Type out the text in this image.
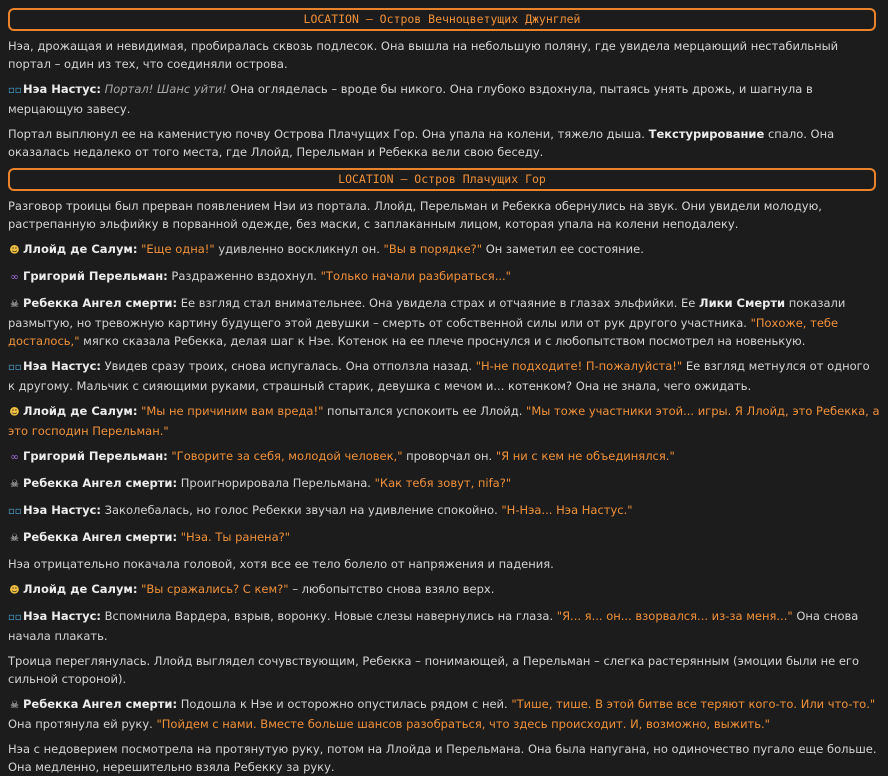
LOCATION – Остров Вечноцветущих Джунглей

Нэа, дрожащая и невидимая, пробиралась сквозь подлесок. Она вышла на небольшую поляну, где увидела мерцающий нестабильный портал – один из тех, что соединяли острова.

▫▫Нэа Настус: Портал! Шанс уйти! Она огляделась – вроде бы никого. Она глубоко вздохнула, пытаясь унять дрожь, и шагнула в мерцающую завесу.

Портал выплюнул ее на каменистую почву Острова Плачущих Гор. Она упала на колени, тяжело дыша. Текстурирование спало. Она оказалась недалеко от того места, где Ллойд, Перельман и Ребекка вели свою беседу.

LOCATION – Остров Плачущих Гор

Разговор троицы был прерван появлением Нэи из портала. Ллойд, Перельман и Ребекка обернулись на звук. Они увидели молодую, растрепанную эльфийку в порванной одежде, без маски, с заплаканным лицом, которая упала на колени неподалеку.

☻ Ллойд де Салум: "Еще одна!" удивленно воскликнул он. "Вы в порядке?" Он заметил ее состояние.

∞ Григорий Перельман: Раздраженно вздохнул. "Только начали разбираться..."

☠ Ребекка Ангел смерти: Ее взгляд стал внимательнее. Она увидела страх и отчаяние в глазах эльфийки. Ее Лики Смерти показали размытую, но тревожную картину будущего этой девушки – смерть от собственной силы или от рук другого участника. "Похоже, тебе досталось," мягко сказала Ребекка, делая шаг к Нэе. Котенок на ее плече проснулся и с любопытством посмотрел на новенькую.

▫▫Нэа Настус: Увидев сразу троих, снова испугалась. Она отползла назад. "Н-не подходите! П-пожалуйста!" Ее взгляд метнулся от одного к другому. Мальчик с сияющими руками, страшный старик, девушка с мечом и... котенком? Она не знала, чего ожидать.

☻ Ллойд де Салум: "Мы не причиним вам вреда!" попытался успокоить ее Ллойд. "Мы тоже участники этой... игры. Я Ллойд, это Ребекка, а это господин Перельман."

∞ Григорий Перельман: "Говорите за себя, молодой человек," проворчал он. "Я ни с кем не объединялся."

☠ Ребекка Ангел смерти: Проигнорировала Перельмана. "Как тебя зовут, піfа?"

▫▫Нэа Настус: Заколебалась, но голос Ребекки звучал на удивление спокойно. "Н-Нэа... Нэа Настус."

☠ Ребекка Ангел смерти: "Нэа. Ты ранена?"

Нэа отрицательно покачала головой, хотя все ее тело болело от напряжения и падения.

☻ Ллойд де Салум: "Вы сражались? С кем?" – любопытство снова взяло верх.

▫▫Нэа Настус: Вспомнила Вардера, взрыв, воронку. Новые слезы навернулись на глаза. "Я... я... он... взорвался... из-за меня..." Она снова начала плакать.

Троица переглянулась. Ллойд выглядел сочувствующим, Ребекка – понимающей, а Перельман – слегка растерянным (эмоции были не его сильной стороной).

☠ Ребекка Ангел смерти: Подошла к Нэе и осторожно опустилась рядом с ней. "Тише, тише. В этой битве все теряют кого-то. Или что-то." Она протянула ей руку. "Пойдем с нами. Вместе больше шансов разобраться, что здесь происходит. И, возможно, выжить."

Нэа с недоверием посмотрела на протянутую руку, потом на Ллойда и Перельмана. Она была напугана, но одиночество пугало еще больше. Она медленно, нерешительно взяла Ребекку за руку.
